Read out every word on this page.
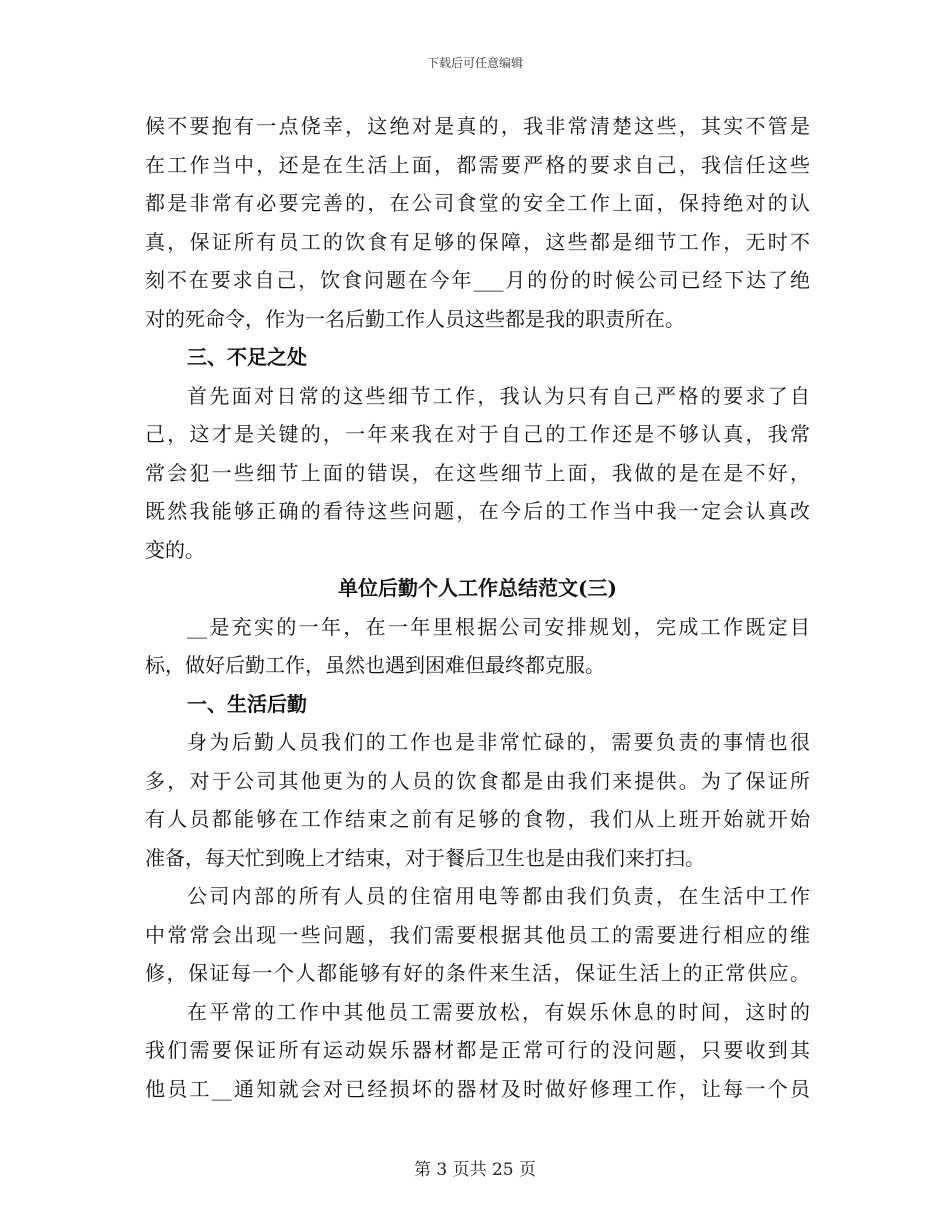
下载后可任意编辑
候不要抱有一点侥幸，这绝对是真的，我非常清楚这些，其实不管是
在工作当中，还是在生活上面，都需要严格的要求自己，我信任这些
都是非常有必要完善的，在公司食堂的安全工作上面，保持绝对的认
真，保证所有员工的饮食有足够的保障，这些都是细节工作，无时不
刻不在要求自己，饮食问题在今年___月的份的时候公司已经下达了绝
对的死命令，作为一名后勤工作人员这些都是我的职责所在。
三、不足之处
首先面对日常的这些细节工作，我认为只有自己严格的要求了自
己，这才是关键的，一年来我在对于自己的工作还是不够认真，我常
常会犯一些细节上面的错误，在这些细节上面，我做的是在是不好，
既然我能够正确的看待这些问题，在今后的工作当中我一定会认真改
变的。
单位后勤个人工作总结范文(三)
__是充实的一年，在一年里根据公司安排规划，完成工作既定目
标，做好后勤工作，虽然也遇到困难但最终都克服。
一、生活后勤
身为后勤人员我们的工作也是非常忙碌的，需要负责的事情也很
多，对于公司其他更为的人员的饮食都是由我们来提供。为了保证所
有人员都能够在工作结束之前有足够的食物，我们从上班开始就开始
准备，每天忙到晚上才结束，对于餐后卫生也是由我们来打扫。
公司内部的所有人员的住宿用电等都由我们负责，在生活中工作
中常常会出现一些问题，我们需要根据其他员工的需要进行相应的维
修，保证每一个人都能够有好的条件来生活，保证生活上的正常供应。
在平常的工作中其他员工需要放松，有娱乐休息的时间，这时的
我们需要保证所有运动娱乐器材都是正常可行的没问题，只要收到其
他员工__通知就会对已经损坏的器材及时做好修理工作，让每一个员
第 3 页共 25 页
